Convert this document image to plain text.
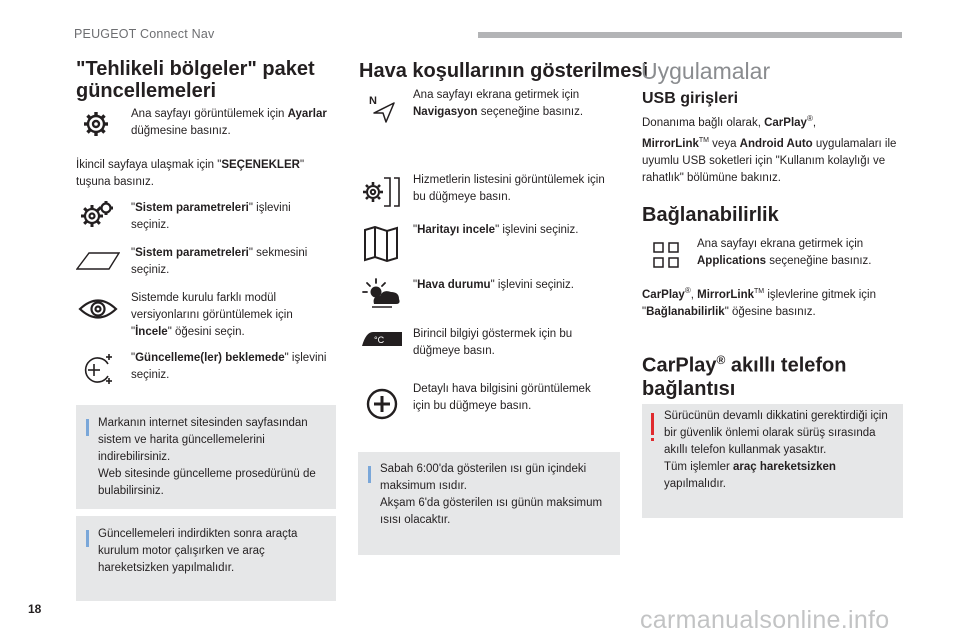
PEUGEOT Connect Nav
"Tehlikeli bölgeler" paket güncellemeleri
Ana sayfayı görüntülemek için Ayarlar düğmesine basınız.
İkincil sayfaya ulaşmak için "SEÇENEKLER" tuşuna basınız.
"Sistem parametreleri" işlevini seçiniz.
"Sistem parametreleri" sekmesini seçiniz.
Sistemde kurulu farklı modül versiyonlarını görüntülemek için "İncele" öğesini seçin.
"Güncelleme(ler) beklemede" işlevini seçiniz.
Markanın internet sitesinden sayfasından sistem ve harita güncellemelerini indirebilirsiniz.
Web sitesinde güncelleme prosedürünü de bulabilirsiniz.
Güncellemeleri indirdikten sonra araçta kurulum motor çalışırken ve araç hareketsizken yapılmalıdır.
Hava koşullarının gösterilmesi
N	Ana sayfayı ekrana getirmek için Navigasyon seçeneğine basınız.
Hizmetlerin listesini görüntülemek için bu düğmeye basın.
"Haritayı incele" işlevini seçiniz.
"Hava durumu" işlevini seçiniz.
°C	Birincil bilgiyi göstermek için bu düğmeye basın.
Detaylı hava bilgisini görüntülemek için bu düğmeye basın.
Sabah 6:00'da gösterilen ısı gün içindeki maksimum ısıdır.
Akşam 6'da gösterilen ısı günün maksimum ısısı olacaktır.
Uygulamalar
USB girişleri
Donanıma bağlı olarak, CarPlay®,
MirrorLink™ veya Android Auto uygulamaları ile uyumlu USB soketleri için "Kullanım kolaylığı ve rahatlık" bölümüne bakınız.
Bağlanabilirlik
Ana sayfayı ekrana getirmek için Applications seçeneğine basınız.
CarPlay®, MirrorLink™ işlevlerine gitmek için "Bağlanabilirlik" öğesine basınız.
CarPlay® akıllı telefon bağlantısı
Sürücünün devamlı dikkatini gerektirdiği için bir güvenlik önlemi olarak sürüş sırasında akıllı telefon kullanmak yasaktır.
Tüm işlemler araç hareketsizken yapılmalıdır.
18	carmanualsonline.info
